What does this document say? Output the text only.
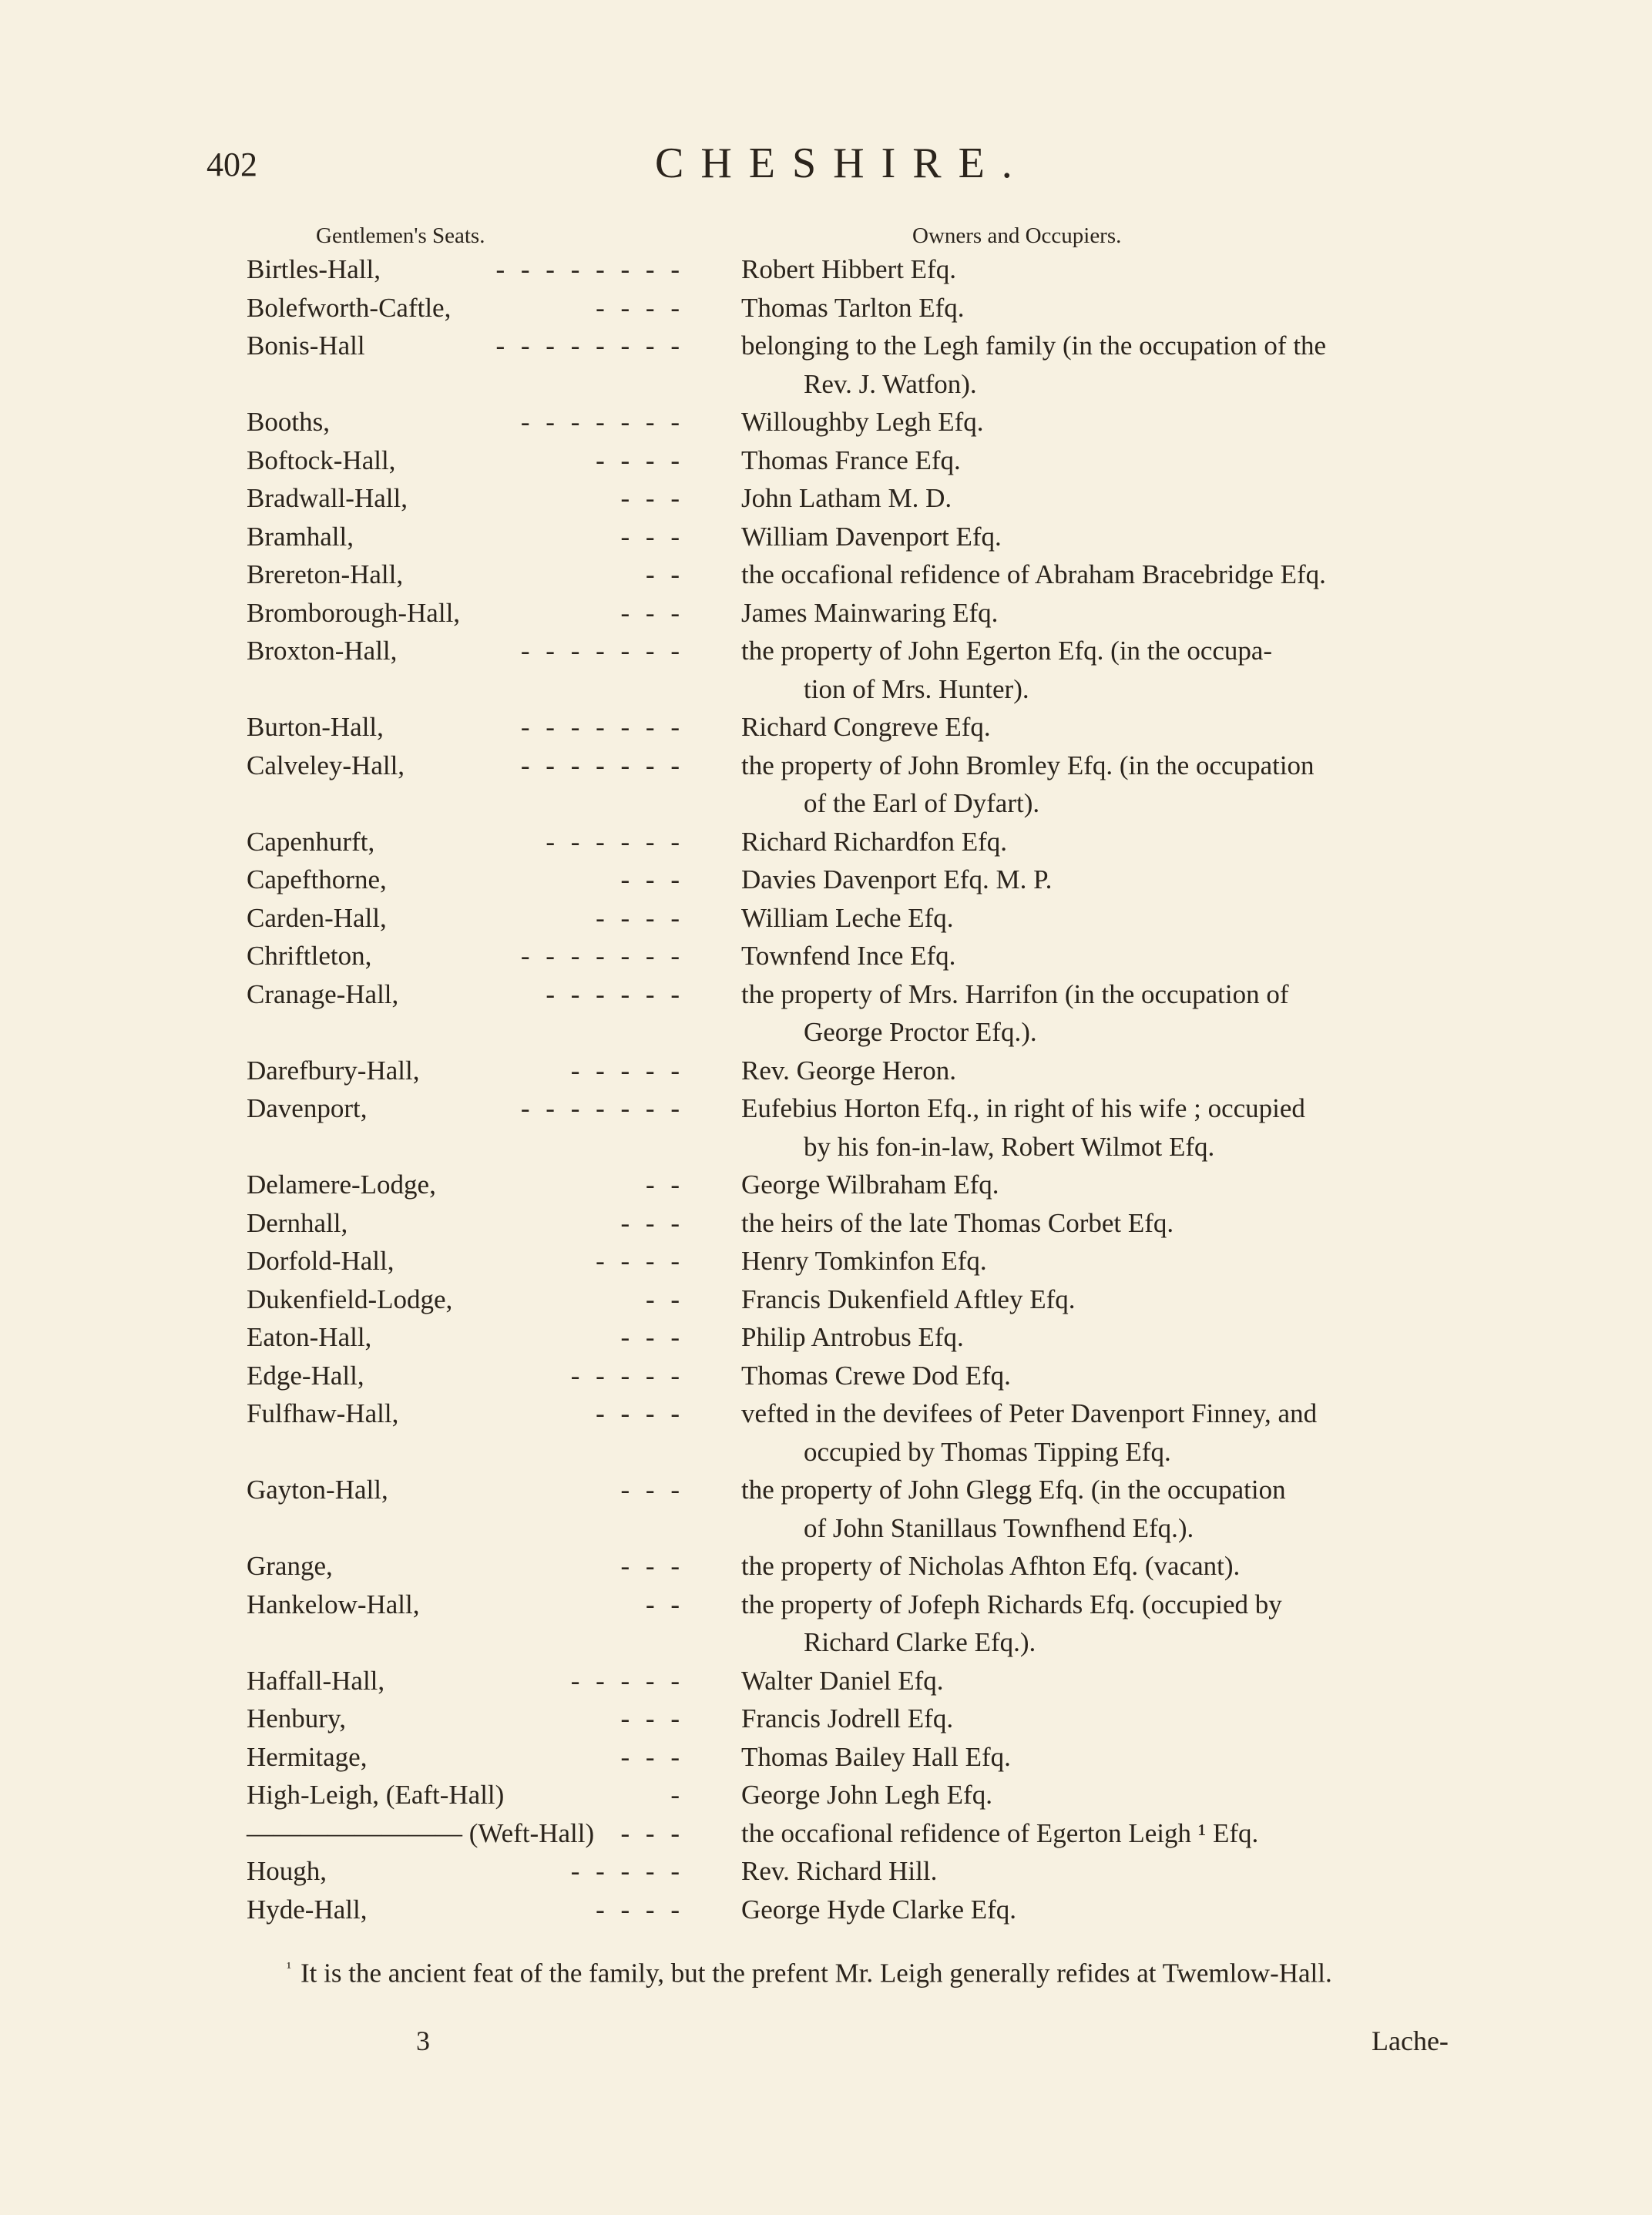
402	CHESHIRE.
Gentlemen's Seats.	Owners and Occupiers.
Birtles-Hall,	- - - - - - - - Robert Hibbert Efq.
Bolefworth-Caftle,	- - - - Thomas Tarlton Efq.
Bonis-Hall	- - - - - - - - belonging to the Legh family (in the occupation of the
Rev. J. Watfon).
Booths,	- - - - - - - Willoughby Legh Efq.
Boftock-Hall,	- - - - Thomas France Efq.
Bradwall-Hall,	- - - John Latham M. D.
Bramhall,	- - - William Davenport Efq.
Brereton-Hall,	- - the occafional refidence of Abraham Bracebridge Efq.
Bromborough-Hall,	- - - James Mainwaring Efq.
Broxton-Hall,	- - - - - - - the property of John Egerton Efq. (in the occupa-
tion of Mrs. Hunter).
Burton-Hall,	- - - - - - - Richard Congreve Efq.
Calveley-Hall,	- - - - - - - the property of John Bromley Efq. (in the occupation
of the Earl of Dyfart).
Capenhurft,	- - - - - - Richard Richardfon Efq.
Capefthorne,	- - - Davies Davenport Efq. M. P.
Carden-Hall,	- - - - William Leche Efq.
Chriftleton,	- - - - - - - Townfend Ince Efq.
Cranage-Hall,	- - - - - - the property of Mrs. Harrifon (in the occupation of
George Proctor Efq.).
Darefbury-Hall,	- - - - - Rev. George Heron.
Davenport,	- - - - - - - Eufebius Horton Efq., in right of his wife ; occupied
by his fon-in-law, Robert Wilmot Efq.
Delamere-Lodge,	- - George Wilbraham Efq.
Dernhall,	- - - the heirs of the late Thomas Corbet Efq.
Dorfold-Hall,	- - - - Henry Tomkinfon Efq.
Dukenfield-Lodge,	- - Francis Dukenfield Aftley Efq.
Eaton-Hall,	- - - Philip Antrobus Efq.
Edge-Hall,	- - - - - Thomas Crewe Dod Efq.
Fulfhaw-Hall,	- - - - vefted in the devifees of Peter Davenport Finney, and
occupied by Thomas Tipping Efq.
Gayton-Hall,	- - - the property of John Glegg Efq. (in the occupation
of John Stanillaus Townfhend Efq.).
Grange,	- - - the property of Nicholas Afhton Efq. (vacant).
Hankelow-Hall,	- - the property of Jofeph Richards Efq. (occupied by
Richard Clarke Efq.).
Haffall-Hall,	- - - - - Walter Daniel Efq.
Henbury,	- - - Francis Jodrell Efq.
Hermitage,	- - - Thomas Bailey Hall Efq.
High-Leigh, (Eaft-Hall)	- George John Legh Efq.
———————— (Weft-Hall) - - - the occafional refidence of Egerton Leigh ¹ Efq.
Hough,	- - - - - Rev. Richard Hill.
Hyde-Hall,	- - - - George Hyde Clarke Efq.
$^{^1}$ It is the ancient feat of the family, but the prefent Mr. Leigh generally refides at Twemlow-Hall.
3	Lache-
